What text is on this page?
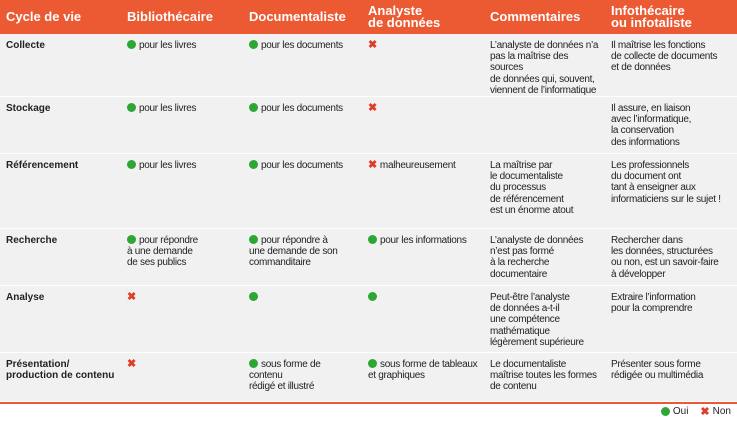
Cycle de vie	Bibliothécaire	Documentaliste	Analyste
de données	Commentaires	Infothécaire
ou infotaliste
Collecte	pour les livres	pour les documents	✖	L’analyste de données n’a
pas la maîtrise des sources
de données qui, souvent,
viennent de l’informatique	Il maîtrise les fonctions
de collecte de documents
et de données
Stockage	pour les livres	pour les documents	✖		Il assure, en liaison
avec l’informatique,
la conservation
des informations
Référencement	pour les livres	pour les documents	✖ malheureusement	La maîtrise par
le documentaliste
du processus
de référencement
est un énorme atout	Les professionnels
du document ont
tant à enseigner aux
informaticiens sur le sujet !
Recherche	pour répondre
à une demande
de ses publics	pour répondre à
une demande de son
commanditaire	pour les informations	L’analyste de données
n’est pas formé
à la recherche
documentaire	Rechercher dans
les données, structurées
ou non, est un savoir-faire
à développer
Analyse	✖			Peut-être l’analyste
de données a-t-il
une compétence
mathématique
légèrement supérieure	Extraire l’information
pour la comprendre
Présentation/
production de contenu	✖	sous forme de contenu
rédigé et illustré	sous forme de tableaux
et graphiques	Le documentaliste
maîtrise toutes les formes
de contenu	Présenter sous forme
rédigée ou multimédia
Oui ✖ Non
